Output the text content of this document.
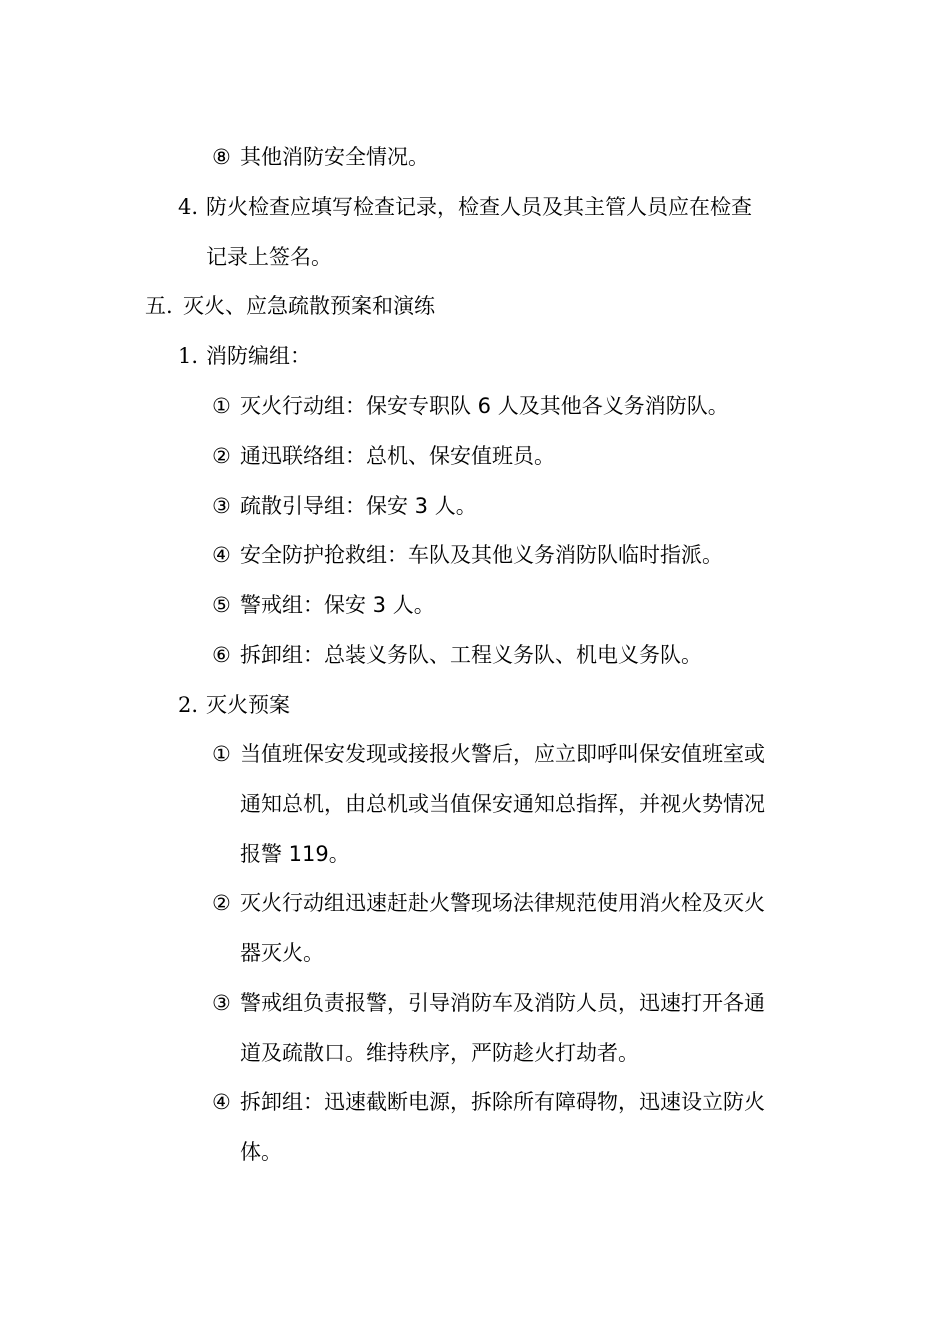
⑧ 其他消防安全情况。
4. 防火检查应填写检查记录，检查人员及其主管人员应在检查
记录上签名。
五. 灭火、应急疏散预案和演练
1. 消防编组：
① 灭火行动组：保安专职队 6 人及其他各义务消防队。
② 通迅联络组：总机、保安值班员。
③ 疏散引导组：保安 3 人。
④ 安全防护抢救组：车队及其他义务消防队临时指派。
⑤ 警戒组：保安 3 人。
⑥ 拆卸组：总装义务队、工程义务队、机电义务队。
2. 灭火预案
① 当值班保安发现或接报火警后，应立即呼叫保安值班室或
通知总机，由总机或当值保安通知总指挥，并视火势情况
报警 119。
② 灭火行动组迅速赶赴火警现场法律规范使用消火栓及灭火
器灭火。
③ 警戒组负责报警，引导消防车及消防人员，迅速打开各通
道及疏散口。维持秩序，严防趁火打劫者。
④ 拆卸组：迅速截断电源，拆除所有障碍物，迅速设立防火
体。
